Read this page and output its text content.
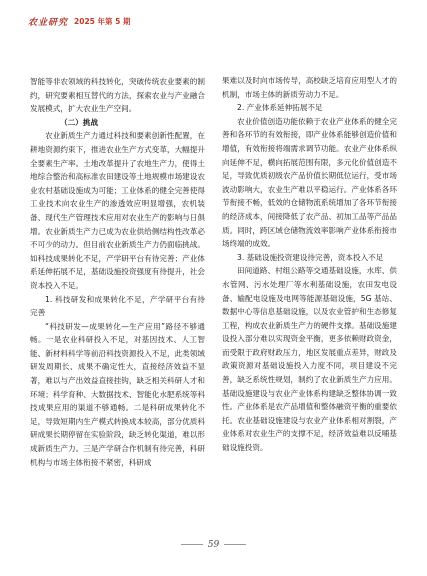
农业研究 2025 年第 5 期

智能等非农领域的科技转化，突破传统农业要素的制约，研究要素相互替代的方法，探索农业与产业融合发展模式，扩大农业生产空间。

（二）挑战

农业新质生产力通过科技和要素创新性配置，在耕地资源约束下，推进农业生产方式变革，大幅提升全要素生产率。土地改革提升了农地生产力，使得土地综合整治和高标准农田建设等土地规模市场建设农业农村基础设施成为可能；工业体系的健全完善使得工业技术向农业生产的渗透效应明显增强，农机装备、现代生产管理技术应用对农业生产的影响与日俱增。农业新质生产力已成为农业供给侧结构性改革必不可少的动力。但目前农业新质生产力仍面临挑战。如科技成果转化不足，产学研平台有待完善；产业体系延伸拓展不足，基础设施投资强度有待提升，社会资本投入不足。

1. 科技研发和成果转化不足，产学研平台有待完善

“科技研发—成果转化—生产应用”路径不够通畅。一是农业科研投入不足，对基因技术、人工智能、新材料科学等前沿科技资源投入不足，此类领域研发周期长、成果不确定性大，直接经济效益不显著，难以与产出效益直接挂钩，缺乏相关科研人才和环境；科学育种、大数据技术、智能化水肥系统等科技成果应用的渠道不够通畅。二是科研成果转化不足，导致短期内生产模式转换成本较高，部分优质科研成果长期停留在实验阶段，缺乏转化渠道，难以形成新质生产力。三是产学研合作机制有待完善，科研机构与市场主体衔接不紧密，科研成

果难以及时向市场传导，高校缺乏培育应用型人才的机制，市场主体的新质劳动力不足。

2. 产业体系延伸拓展不足

农业价值创造功能依赖于农业产业体系的健全完善和各环节的有效衔接，即产业体系能够创造价值和增值，有效衔接将端需求调节功能。农业产业体系纵向延伸不足，横向拓展范围有限，多元化价值创造不足，导致优质初级农产品价值长期低位运行，受市场波动影响大，农业生产难以平稳运行。产业体系各环节衔接不畅，低效的仓储物流系统增加了各环节衔接的经济成本，间接降低了农产品、初加工品等产品品质。同时，跨区域仓储物流效率影响产业体系衔接市场终端的成效。

3. 基础设施投资建设待完善，资本投入不足

田间道路、村组公路等交通基础设施，水库、供水管网、污水处理厂等水利基础设施，农田发电设备、输配电设施及电网等能源基础设施，5G 基站、数据中心等信息基础设施，以及农业管护和生态修复工程，构成农业新质生产力的硬件支撑。基础设施建设投入部分难以实现资金平衡，更多依赖财政资金，而受限于政府财政压力，地区发展重点差异，财政及政策资源对基础设施投入力度不同，项目建设不完善，缺乏系统性规划，制约了农业新质生产力应用。基础设施建设与农业产业体系构建缺乏整体协调一致性。产业体系是农产品增值和整体融资平衡的重要依托。农业基础设施建设与农业产业体系相对割裂，产业体系对农业生产的支撑不足，经济效益难以反哺基础设施投资。

59
